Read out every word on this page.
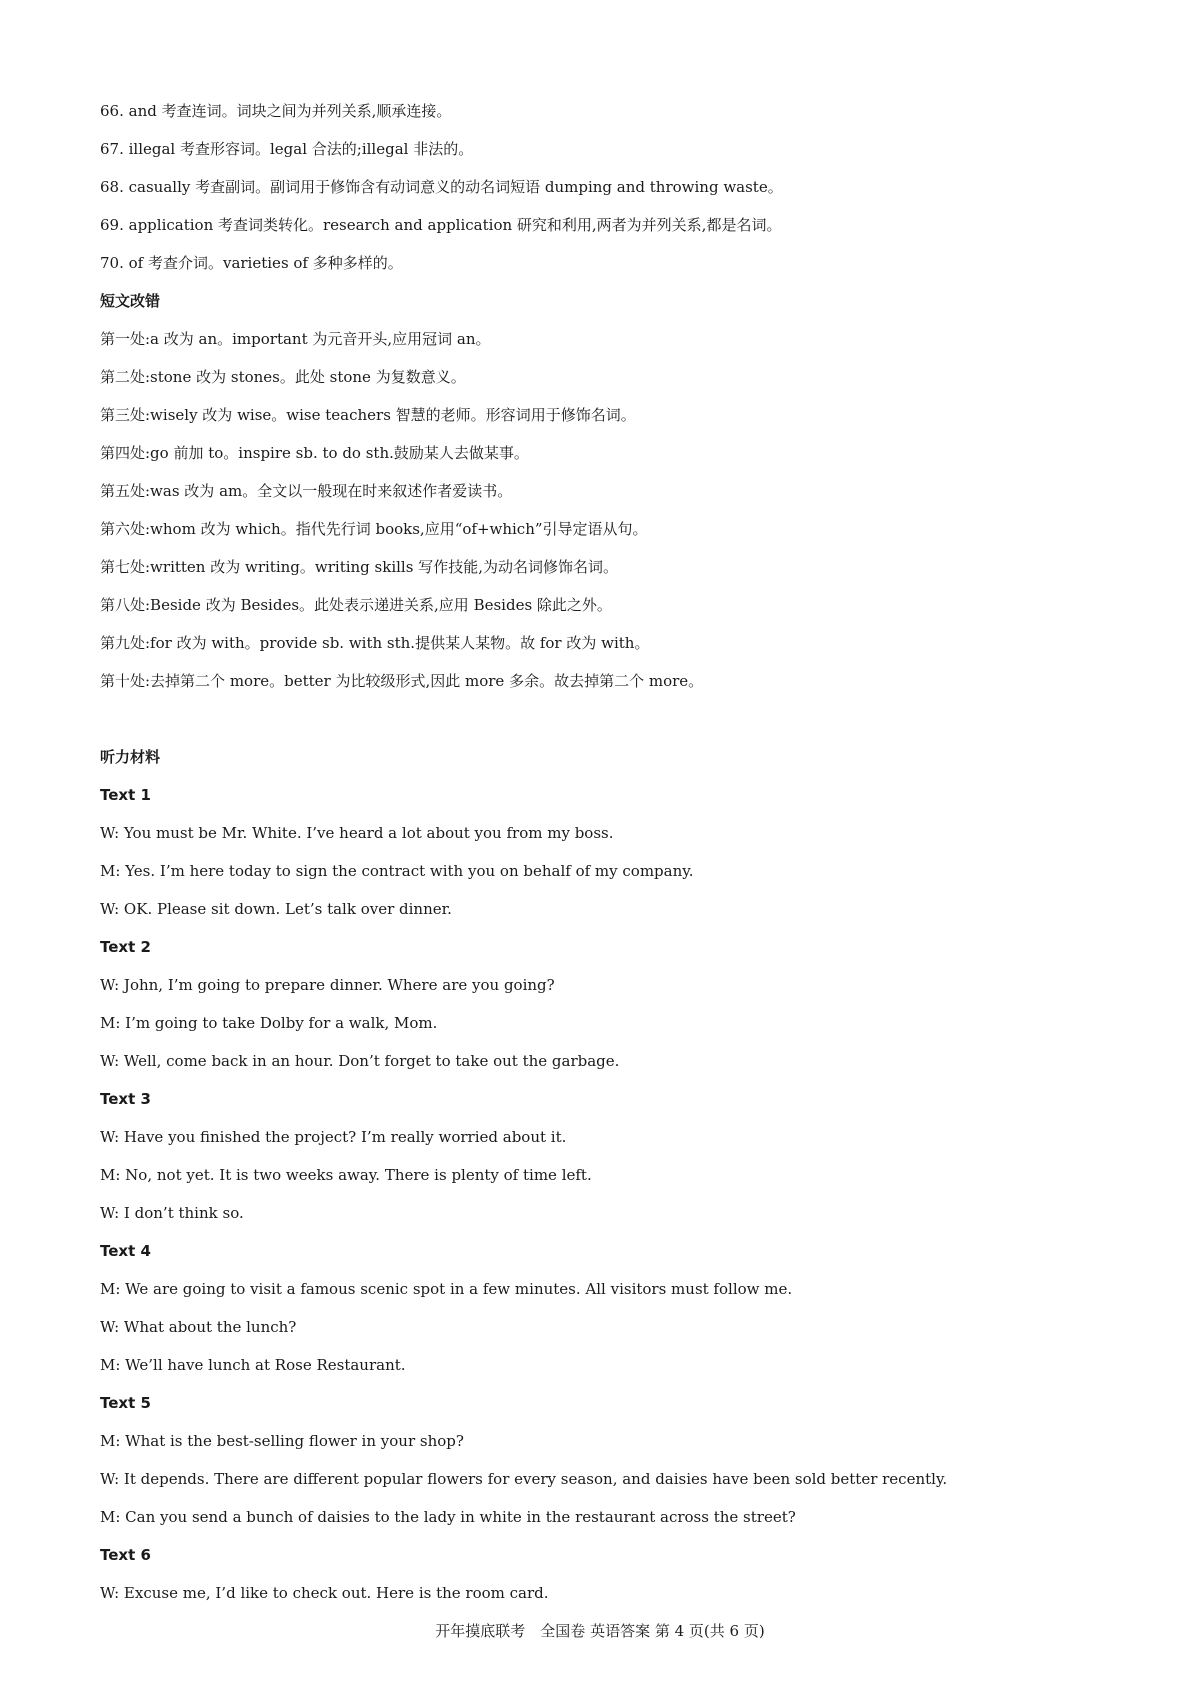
66. and 考查连词。词块之间为并列关系,顺承连接。
67. illegal 考查形容词。legal 合法的;illegal 非法的。
68. casually 考查副词。副词用于修饰含有动词意义的动名词短语 dumping and throwing waste。
69. application 考查词类转化。research and application 研究和利用,两者为并列关系,都是名词。
70. of 考查介词。varieties of 多种多样的。
短文改错
第一处:a 改为 an。important 为元音开头,应用冠词 an。
第二处:stone 改为 stones。此处 stone 为复数意义。
第三处:wisely 改为 wise。wise teachers 智慧的老师。形容词用于修饰名词。
第四处:go 前加 to。inspire sb. to do sth.鼓励某人去做某事。
第五处:was 改为 am。全文以一般现在时来叙述作者爱读书。
第六处:whom 改为 which。指代先行词 books,应用“of+which”引导定语从句。
第七处:written 改为 writing。writing skills 写作技能,为动名词修饰名词。
第八处:Beside 改为 Besides。此处表示递进关系,应用 Besides 除此之外。
第九处:for 改为 with。provide sb. with sth.提供某人某物。故 for 改为 with。
第十处:去掉第二个 more。better 为比较级形式,因此 more 多余。故去掉第二个 more。
听力材料
Text 1
W: You must be Mr. White. I’ve heard a lot about you from my boss.
M: Yes. I’m here today to sign the contract with you on behalf of my company.
W: OK. Please sit down. Let’s talk over dinner.
Text 2
W: John, I’m going to prepare dinner. Where are you going?
M: I’m going to take Dolby for a walk, Mom.
W: Well, come back in an hour. Don’t forget to take out the garbage.
Text 3
W: Have you finished the project? I’m really worried about it.
M: No, not yet. It is two weeks away. There is plenty of time left.
W: I don’t think so.
Text 4
M: We are going to visit a famous scenic spot in a few minutes. All visitors must follow me.
W: What about the lunch?
M: We’ll have lunch at Rose Restaurant.
Text 5
M: What is the best-selling flower in your shop?
W: It depends. There are different popular flowers for every season, and daisies have been sold better recently.
M: Can you send a bunch of daisies to the lady in white in the restaurant across the street?
Text 6
W: Excuse me, I’d like to check out. Here is the room card.
开年摸底联考　全国卷 英语答案 第 4 页(共 6 页)
